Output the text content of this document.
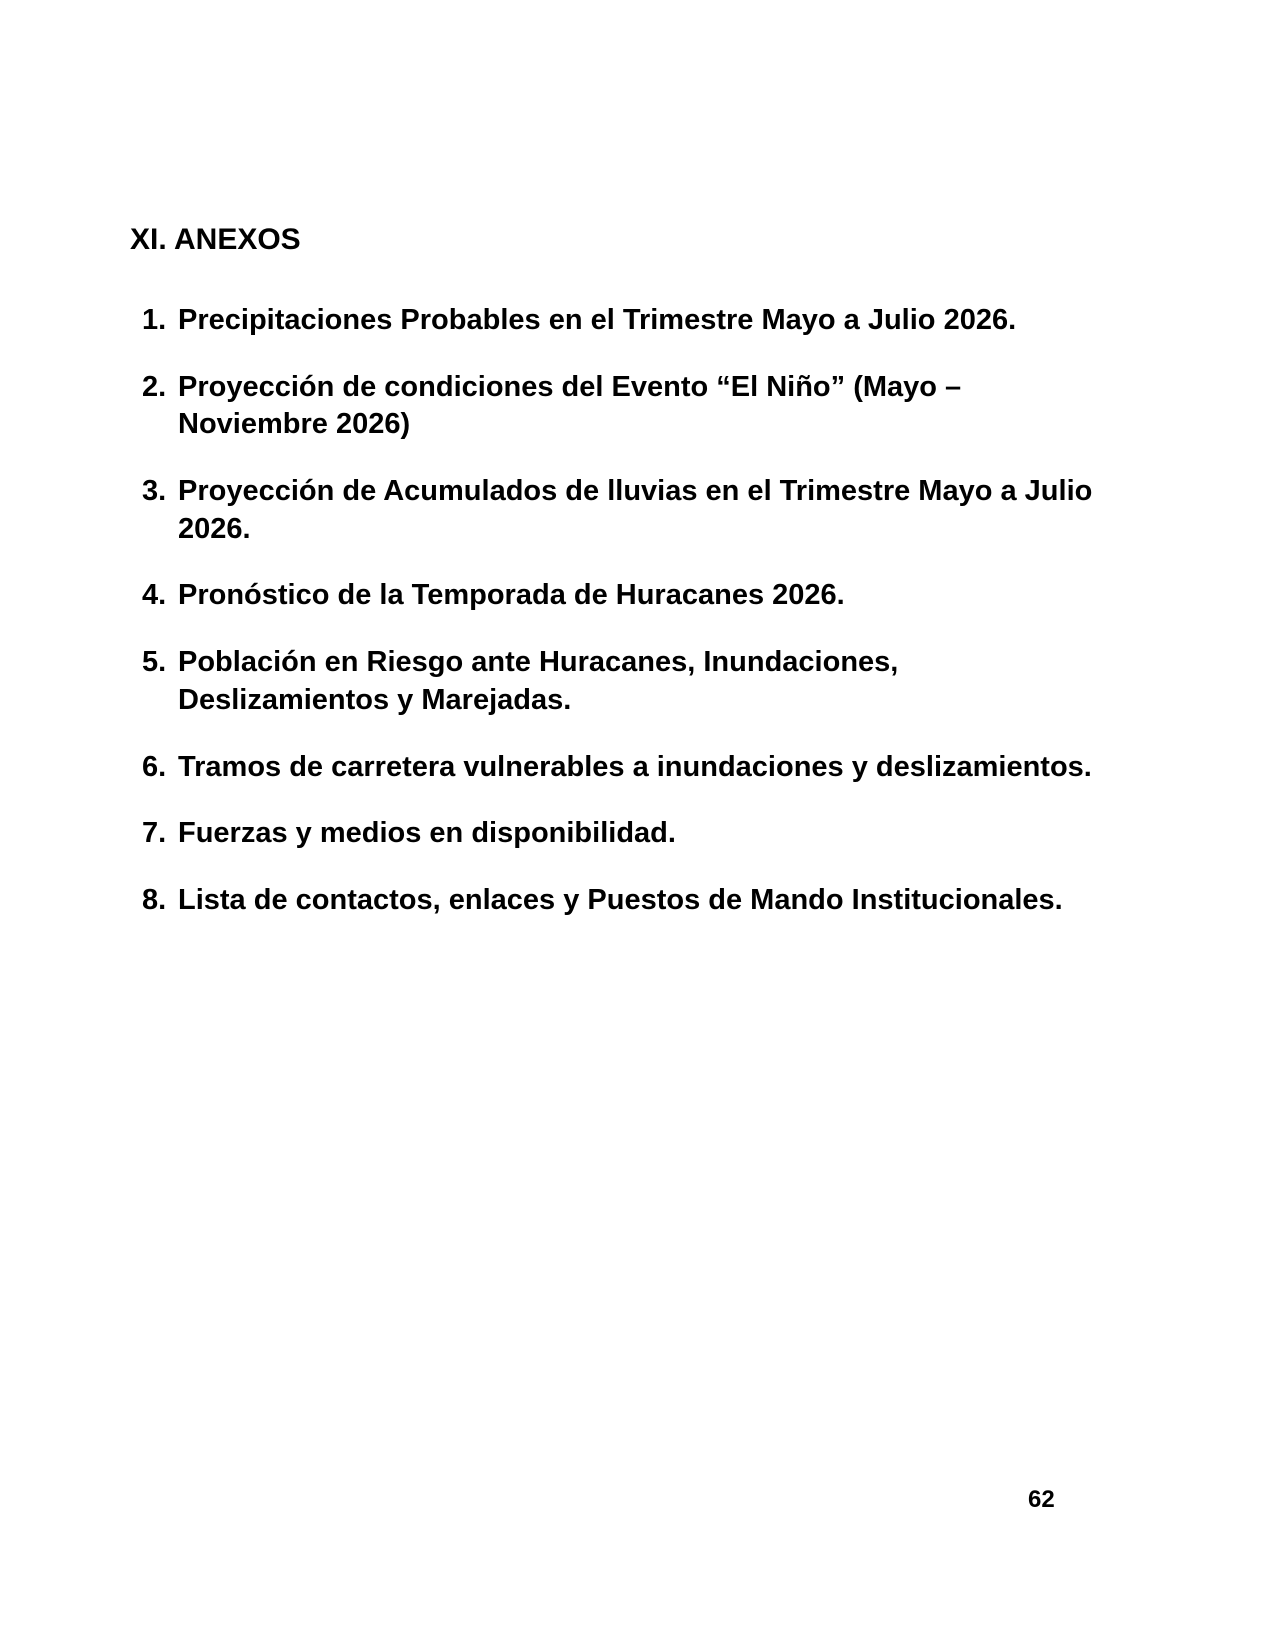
XI. ANEXOS
1. Precipitaciones Probables en el Trimestre Mayo a Julio 2026.
2. Proyección de condiciones del Evento “El Niño” (Mayo – Noviembre 2026)
3. Proyección de Acumulados de lluvias en el Trimestre Mayo a Julio 2026.
4. Pronóstico de la Temporada de Huracanes 2026.
5. Población en Riesgo ante Huracanes, Inundaciones, Deslizamientos y Marejadas.
6. Tramos de carretera vulnerables a inundaciones y deslizamientos.
7. Fuerzas y medios en disponibilidad.
8. Lista de contactos, enlaces y Puestos de Mando Institucionales.
62
